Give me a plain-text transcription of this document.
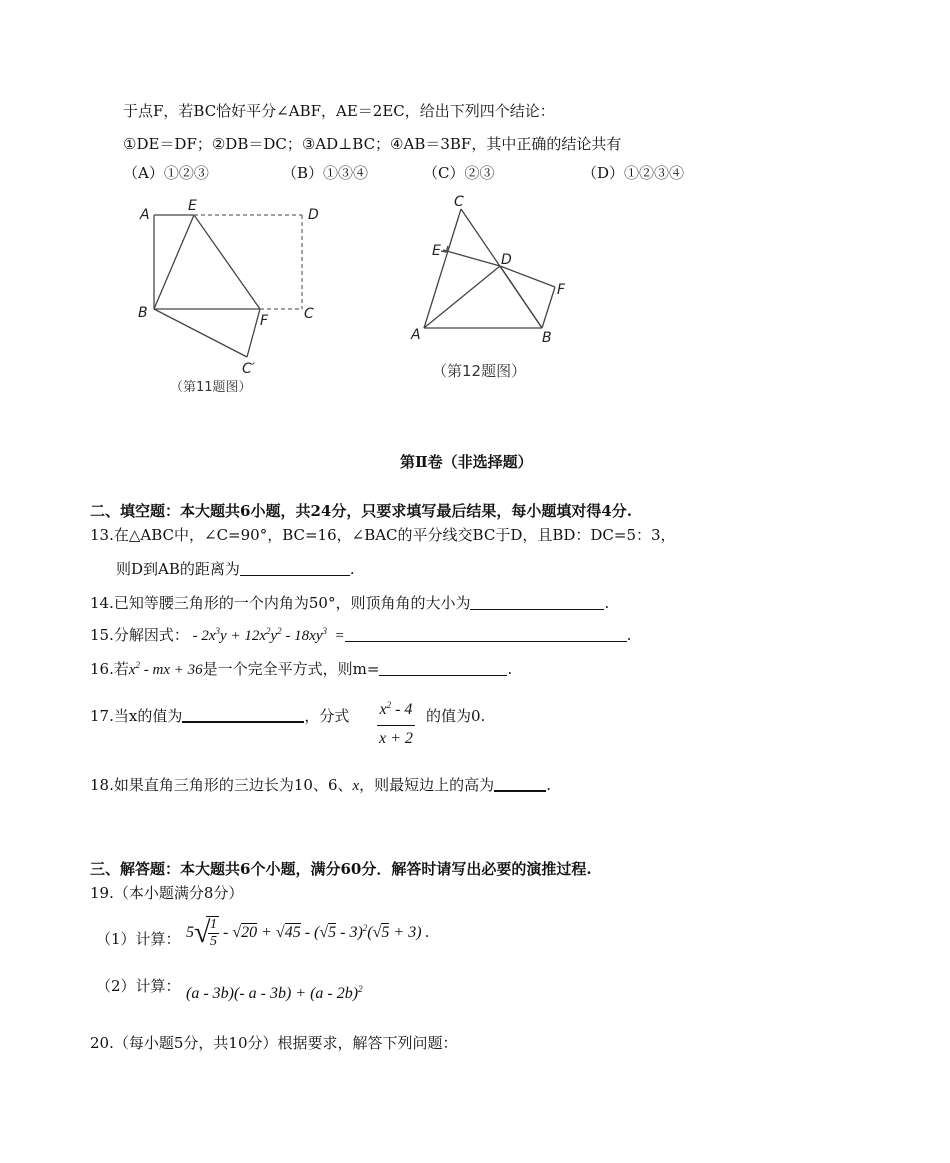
于点F，若BC恰好平分∠ABF，AE＝2EC，给出下列四个结论：
①DE＝DF；②DB＝DC；③AD⊥BC；④AB＝3BF，其中正确的结论共有
（A）①②③	（B）①③④	（C）②③	（D）①②③④
A
E
D
B	F	C
C′
（第11题图）
C
E
D
F
A	B
（第12题图）
第Ⅱ卷（非选择题）
二、填空题：本大题共6小题，共24分，只要求填写最后结果，每小题填对得4分.
13.在△ABC中，∠C=90°，BC=16，∠BAC的平分线交BC于D，且BD：DC=5：3，
则D到AB的距离为	.
14.已知等腰三角形的一个内角为50°，则顶角角的大小为	.
15.分解因式： - $2x^3y + 12x^2y^2 - 18xy^3$  =	.
16.若$x^2$ - mx + 36是一个完全平方式，则m=	.
17.当x的值为	，分式 $\frac{x^2 - 4}{x + 2}$ 的值为0.
18.如果直角三角形的三边长为10、6、x，则最短边上的高为	.
三、解答题：本大题共6个小题，满分60分．解答时请写出必要的演推过程.
19.（本小题满分8分）
（1）计算： 5 √
$\frac{1}{5} - √20 + √45 - (√5 - 3)^2(√5 + 3)$ .
（2）计算： (a - 3b)(- a - 3b) + (a - 2b)$^2$
20.（每小题5分，共10分）根据要求，解答下列问题：
